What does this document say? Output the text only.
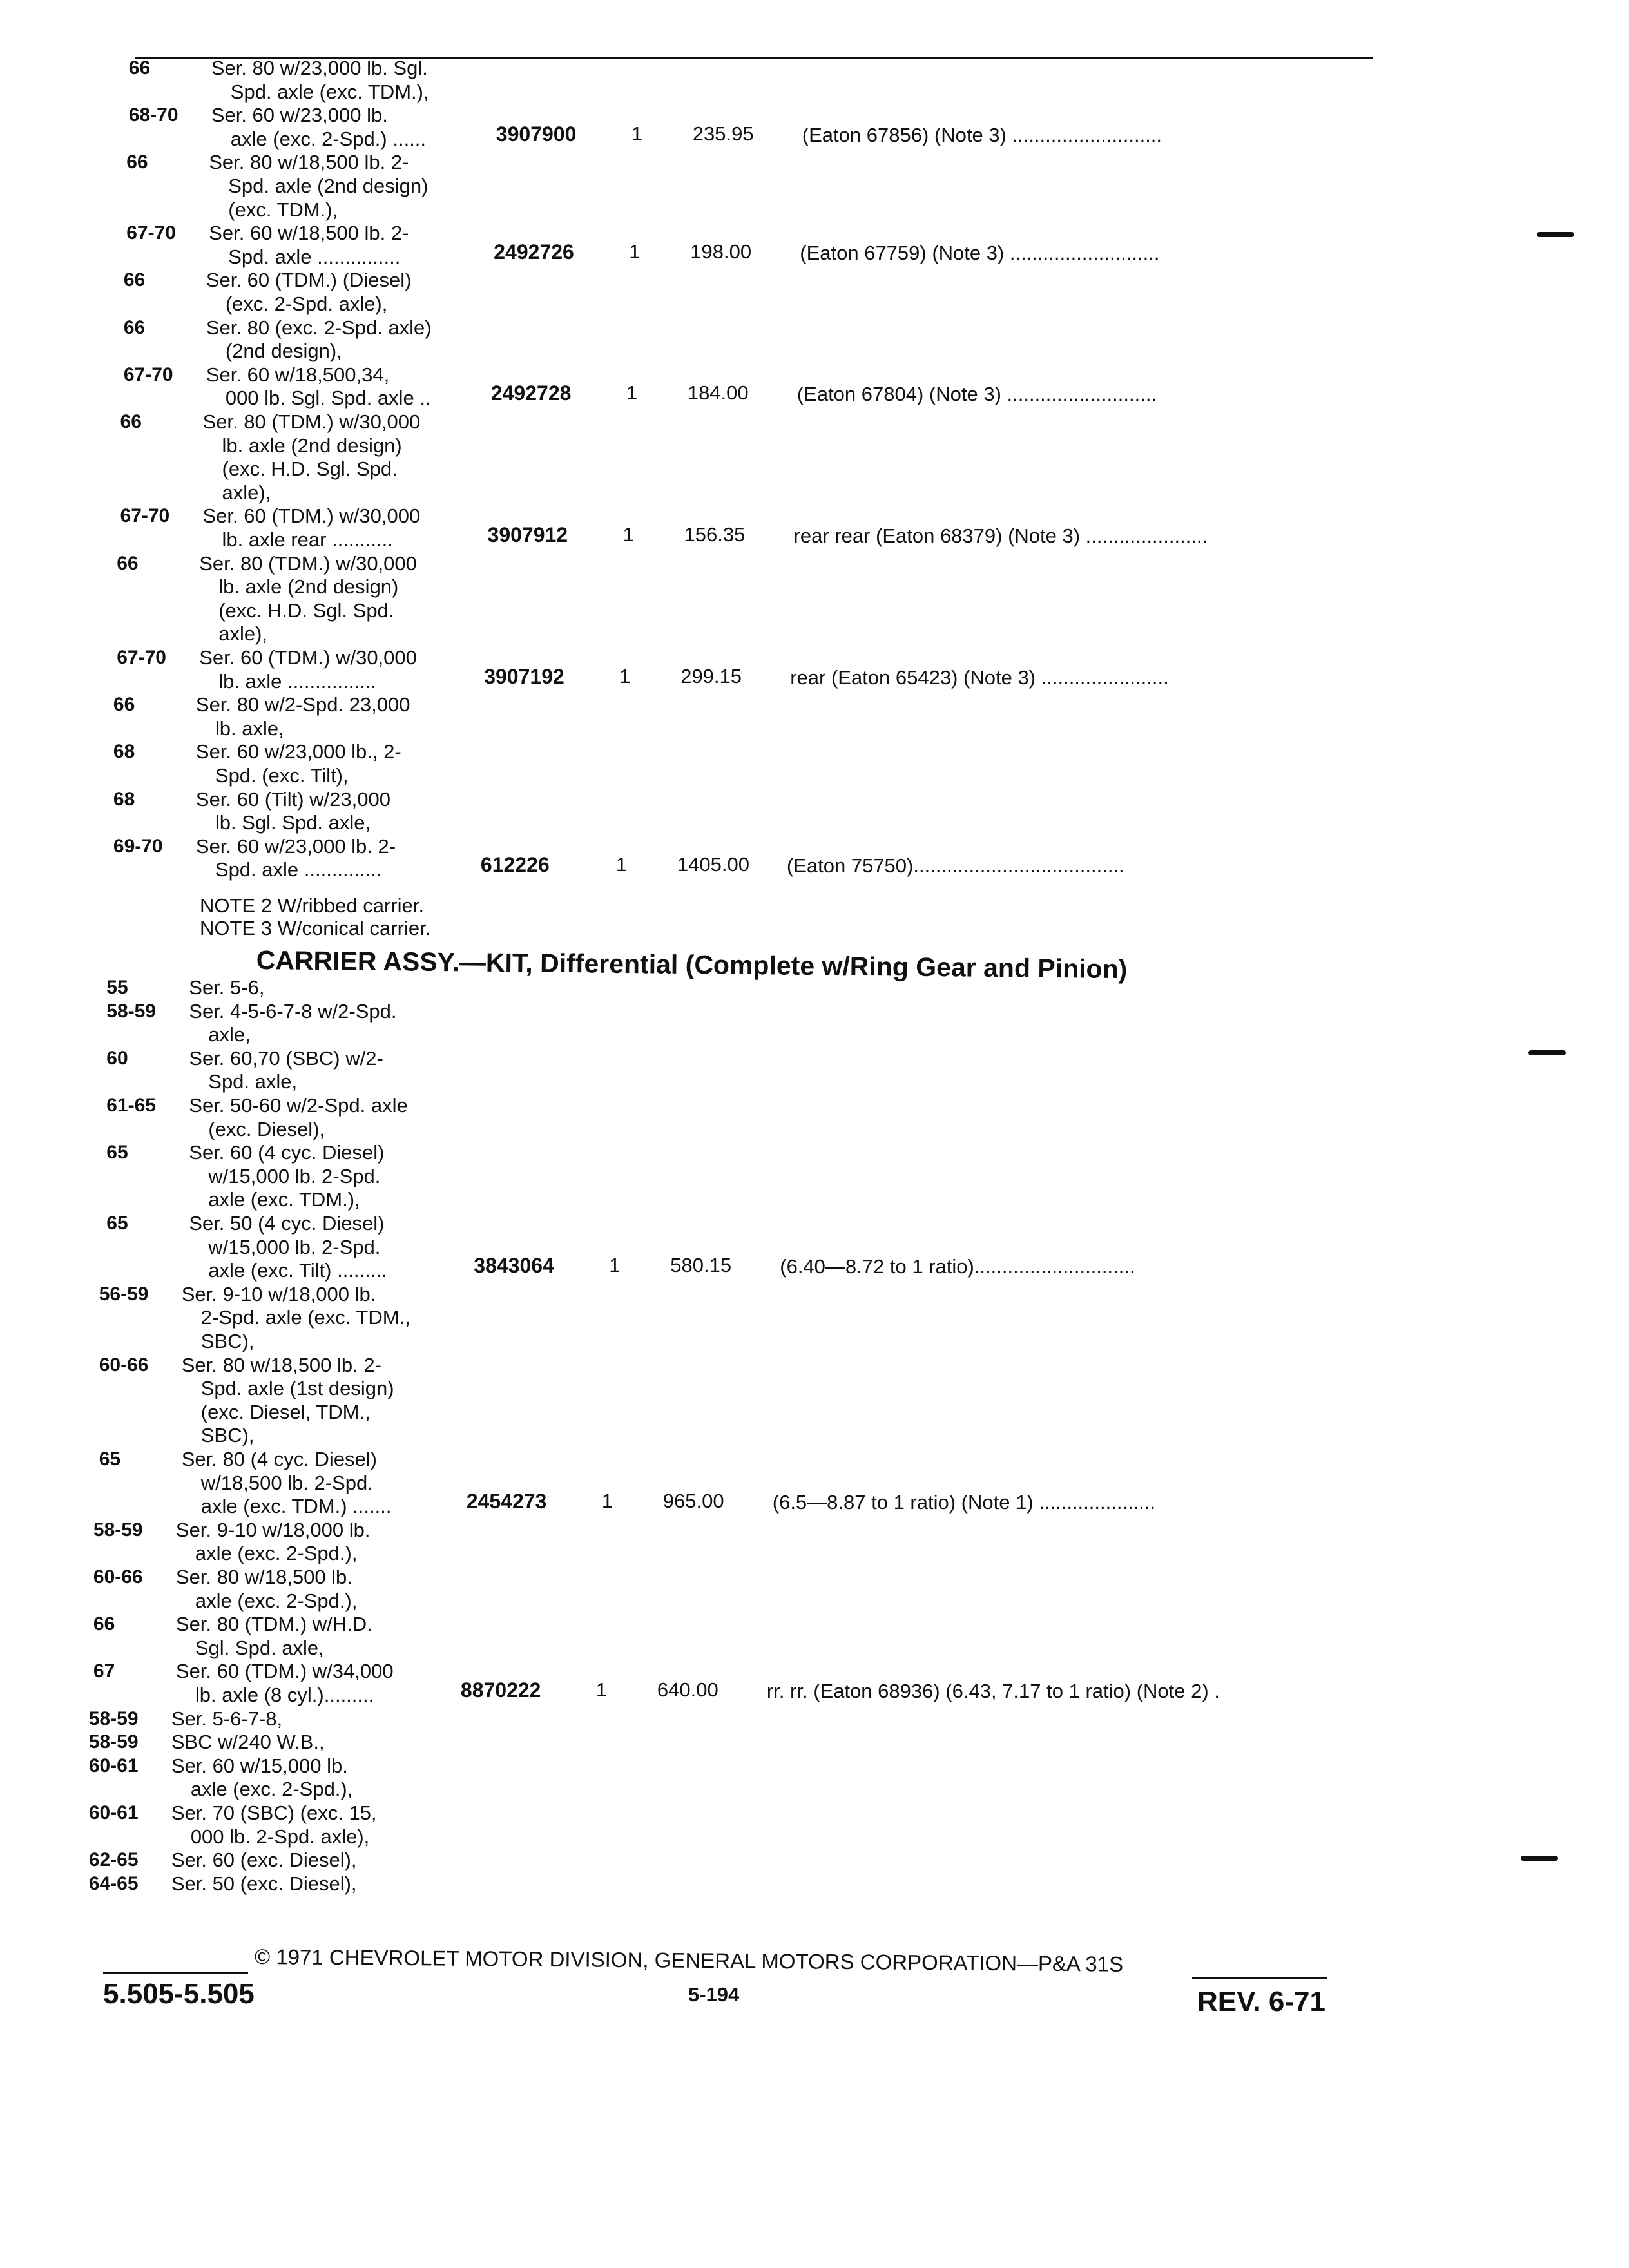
66	Ser. 80 w/23,000 lb. Sgl.
Spd. axle (exc. TDM.),
68-70 Ser. 60 w/23,000 lb.
axle (exc. 2-Spd.) ......	3907900	1	235.95 (Eaton 67856) (Note 3) ...........................
66	Ser. 80 w/18,500 lb. 2-
Spd. axle (2nd design)
(exc. TDM.),
67-70 Ser. 60 w/18,500 lb. 2-
Spd. axle ...............	2492726	1	198.00 (Eaton 67759) (Note 3) ...........................
66	Ser. 60 (TDM.) (Diesel)
(exc. 2-Spd. axle),
66	Ser. 80 (exc. 2-Spd. axle)
(2nd design),
67-70 Ser. 60 w/18,500,34,
000 lb. Sgl. Spd. axle ..	2492728	1	184.00 (Eaton 67804) (Note 3) ...........................
66	Ser. 80 (TDM.) w/30,000
lb. axle (2nd design)
(exc. H.D. Sgl. Spd.
axle),
67-70 Ser. 60 (TDM.) w/30,000
lb. axle rear ...........	3907912	1	156.35 rear rear (Eaton 68379) (Note 3) ......................
66	Ser. 80 (TDM.) w/30,000
lb. axle (2nd design)
(exc. H.D. Sgl. Spd.
axle),
67-70 Ser. 60 (TDM.) w/30,000
lb. axle ................	3907192	1	299.15 rear (Eaton 65423) (Note 3) .......................
66	Ser. 80 w/2-Spd. 23,000
lb. axle,
68	Ser. 60 w/23,000 lb., 2-
Spd. (exc. Tilt),
68	Ser. 60 (Tilt) w/23,000
lb. Sgl. Spd. axle,
69-70 Ser. 60 w/23,000 lb. 2-
Spd. axle ..............	612226	1	1405.00 (Eaton 75750)......................................
55	Ser. 5-6,
58-59 Ser. 4-5-6-7-8 w/2-Spd.
axle,
60	Ser. 60,70 (SBC) w/2-
Spd. axle,
61-65 Ser. 50-60 w/2-Spd. axle
(exc. Diesel),
65	Ser. 60 (4 cyc. Diesel)
w/15,000 lb. 2-Spd.
axle (exc. TDM.),
65	Ser. 50 (4 cyc. Diesel)
w/15,000 lb. 2-Spd.
axle (exc. Tilt) .........	3843064	1	580.15 (6.40—8.72 to 1 ratio).............................
56-59 Ser. 9-10 w/18,000 lb.
2-Spd. axle (exc. TDM.,
SBC),
60-66 Ser. 80 w/18,500 lb. 2-
Spd. axle (1st design)
(exc. Diesel, TDM.,
SBC),
65	Ser. 80 (4 cyc. Diesel)
w/18,500 lb. 2-Spd.
axle (exc. TDM.) .......	2454273	1	965.00 (6.5—8.87 to 1 ratio) (Note 1) .....................
58-59 Ser. 9-10 w/18,000 lb.
axle (exc. 2-Spd.),
60-66 Ser. 80 w/18,500 lb.
axle (exc. 2-Spd.),
66	Ser. 80 (TDM.) w/H.D.
Sgl. Spd. axle,
67	Ser. 60 (TDM.) w/34,000
lb. axle (8 cyl.).........	8870222	1	640.00 rr. rr. (Eaton 68936) (6.43, 7.17 to 1 ratio) (Note 2) .
58-59 Ser. 5-6-7-8,
58-59 SBC w/240 W.B.,
60-61 Ser. 60 w/15,000 lb.
axle (exc. 2-Spd.),
60-61 Ser. 70 (SBC) (exc. 15,
000 lb. 2-Spd. axle),
62-65 Ser. 60 (exc. Diesel),
64-65 Ser. 50 (exc. Diesel),
CARRIER ASSY.—KIT, Differential (Complete w/Ring Gear and Pinion)
NOTE 2 W/ribbed carrier.
NOTE 3 W/conical carrier.
5.505-5.505
© 1971 CHEVROLET MOTOR DIVISION, GENERAL MOTORS CORPORATION—P&A 31S
5-194	REV. 6-71
